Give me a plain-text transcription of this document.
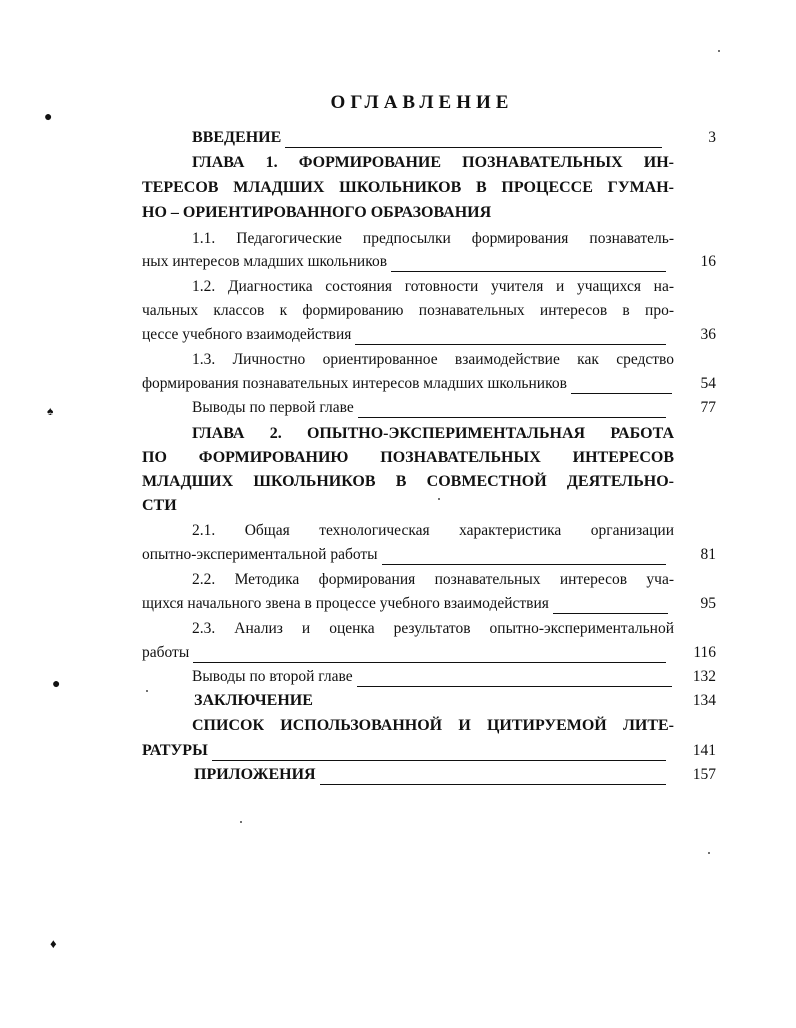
ОГЛАВЛЕНИЕ
ВВЕДЕНИЕ	3
ГЛАВА 1. ФОРМИРОВАНИЕ ПОЗНАВАТЕЛЬНЫХ ИН-
ТЕРЕСОВ МЛАДШИХ ШКОЛЬНИКОВ В ПРОЦЕССЕ ГУМАН-
НО – ОРИЕНТИРОВАННОГО ОБРАЗОВАНИЯ
1.1. Педагогические предпосылки формирования познаватель-
ных интересов младших школьников	16
1.2. Диагностика состояния готовности учителя и учащихся на-
чальных классов к формированию познавательных интересов в про-
цессе учебного взаимодействия	36
1.3. Личностно ориентированное взаимодействие как средство
формирования познавательных интересов младших школьников	54
Выводы по первой главе	77
ГЛАВА 2. ОПЫТНО-ЭКСПЕРИМЕНТАЛЬНАЯ РАБОТА
ПО ФОРМИРОВАНИЮ ПОЗНАВАТЕЛЬНЫХ ИНТЕРЕСОВ
МЛАДШИХ ШКОЛЬНИКОВ В СОВМЕСТНОЙ ДЕЯТЕЛЬНО-
СТИ
2.1. Общая технологическая характеристика организации
опытно-экспериментальной работы	81
2.2. Методика формирования познавательных интересов уча-
щихся начального звена в процессе учебного взаимодействия	95
2.3. Анализ и оценка результатов опытно-экспериментальной
работы	116
Выводы по второй главе	132
ЗАКЛЮЧЕНИЕ	134
СПИСОК ИСПОЛЬЗОВАННОЙ И ЦИТИРУЕМОЙ ЛИТЕ-
РАТУРЫ	141
ПРИЛОЖЕНИЯ	157
●
♠
●
♦
